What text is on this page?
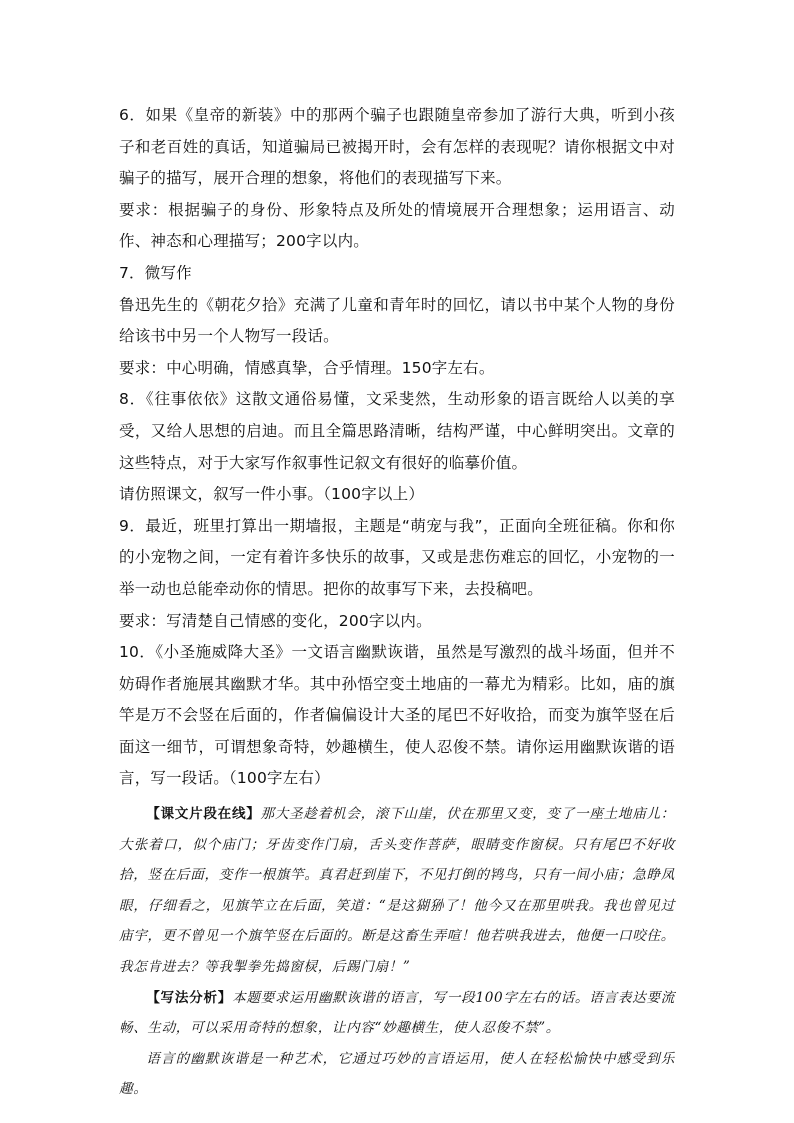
6．如果《皇帝的新装》中的那两个骗子也跟随皇帝参加了游行大典，听到小孩子和老百姓的真话，知道骗局已被揭开时，会有怎样的表现呢？请你根据文中对骗子的描写，展开合理的想象，将他们的表现描写下来。

要求：根据骗子的身份、形象特点及所处的情境展开合理想象；运用语言、动作、神态和心理描写；200字以内。

7．微写作

鲁迅先生的《朝花夕拾》充满了儿童和青年时的回忆，请以书中某个人物的身份给该书中另一个人物写一段话。

要求：中心明确，情感真挚，合乎情理。150字左右。

8．《往事依依》这散文通俗易懂，文采斐然，生动形象的语言既给人以美的享受，又给人思想的启迪。而且全篇思路清晰，结构严谨，中心鲜明突出。文章的这些特点，对于大家写作叙事性记叙文有很好的临摹价值。

请仿照课文，叙写一件小事。（100字以上）

9．最近，班里打算出一期墙报，主题是“萌宠与我”，正面向全班征稿。你和你的小宠物之间，一定有着许多快乐的故事，又或是悲伤难忘的回忆，小宠物的一举一动也总能牵动你的情思。把你的故事写下来，去投稿吧。

要求：写清楚自己情感的变化，200字以内。

10．《小圣施威降大圣》一文语言幽默诙谐，虽然是写激烈的战斗场面，但并不妨碍作者施展其幽默才华。其中孙悟空变土地庙的一幕尤为精彩。比如，庙的旗竿是万不会竖在后面的，作者偏偏设计大圣的尾巴不好收拾，而变为旗竿竖在后面这一细节，可谓想象奇特，妙趣横生，使人忍俊不禁。请你运用幽默诙谐的语言，写一段话。（100字左右）

【课文片段在线】那大圣趁着机会，滚下山崖，伏在那里又变，变了一座土地庙儿：大张着口，似个庙门；牙齿变作门扇，舌头变作菩萨，眼睛变作窗棂。只有尾巴不好收拾，竖在后面，变作一根旗竿。真君赶到崖下，不见打倒的鸨鸟，只有一间小庙；急睁凤眼，仔细看之，见旗竿立在后面，笑道：“是这猢狲了！他今又在那里哄我。我也曾见过庙宇，更不曾见一个旗竿竖在后面的。断是这畜生弄喧！他若哄我进去，他便一口咬住。我怎肯进去？等我掣拳先捣窗棂，后踢门扇！”

【写法分析】本题要求运用幽默诙谐的语言，写一段100字左右的话。语言表达要流畅、生动，可以采用奇特的想象，让内容“妙趣横生，使人忍俊不禁”。

语言的幽默诙谐是一种艺术，它通过巧妙的言语运用，使人在轻松愉快中感受到乐趣。
